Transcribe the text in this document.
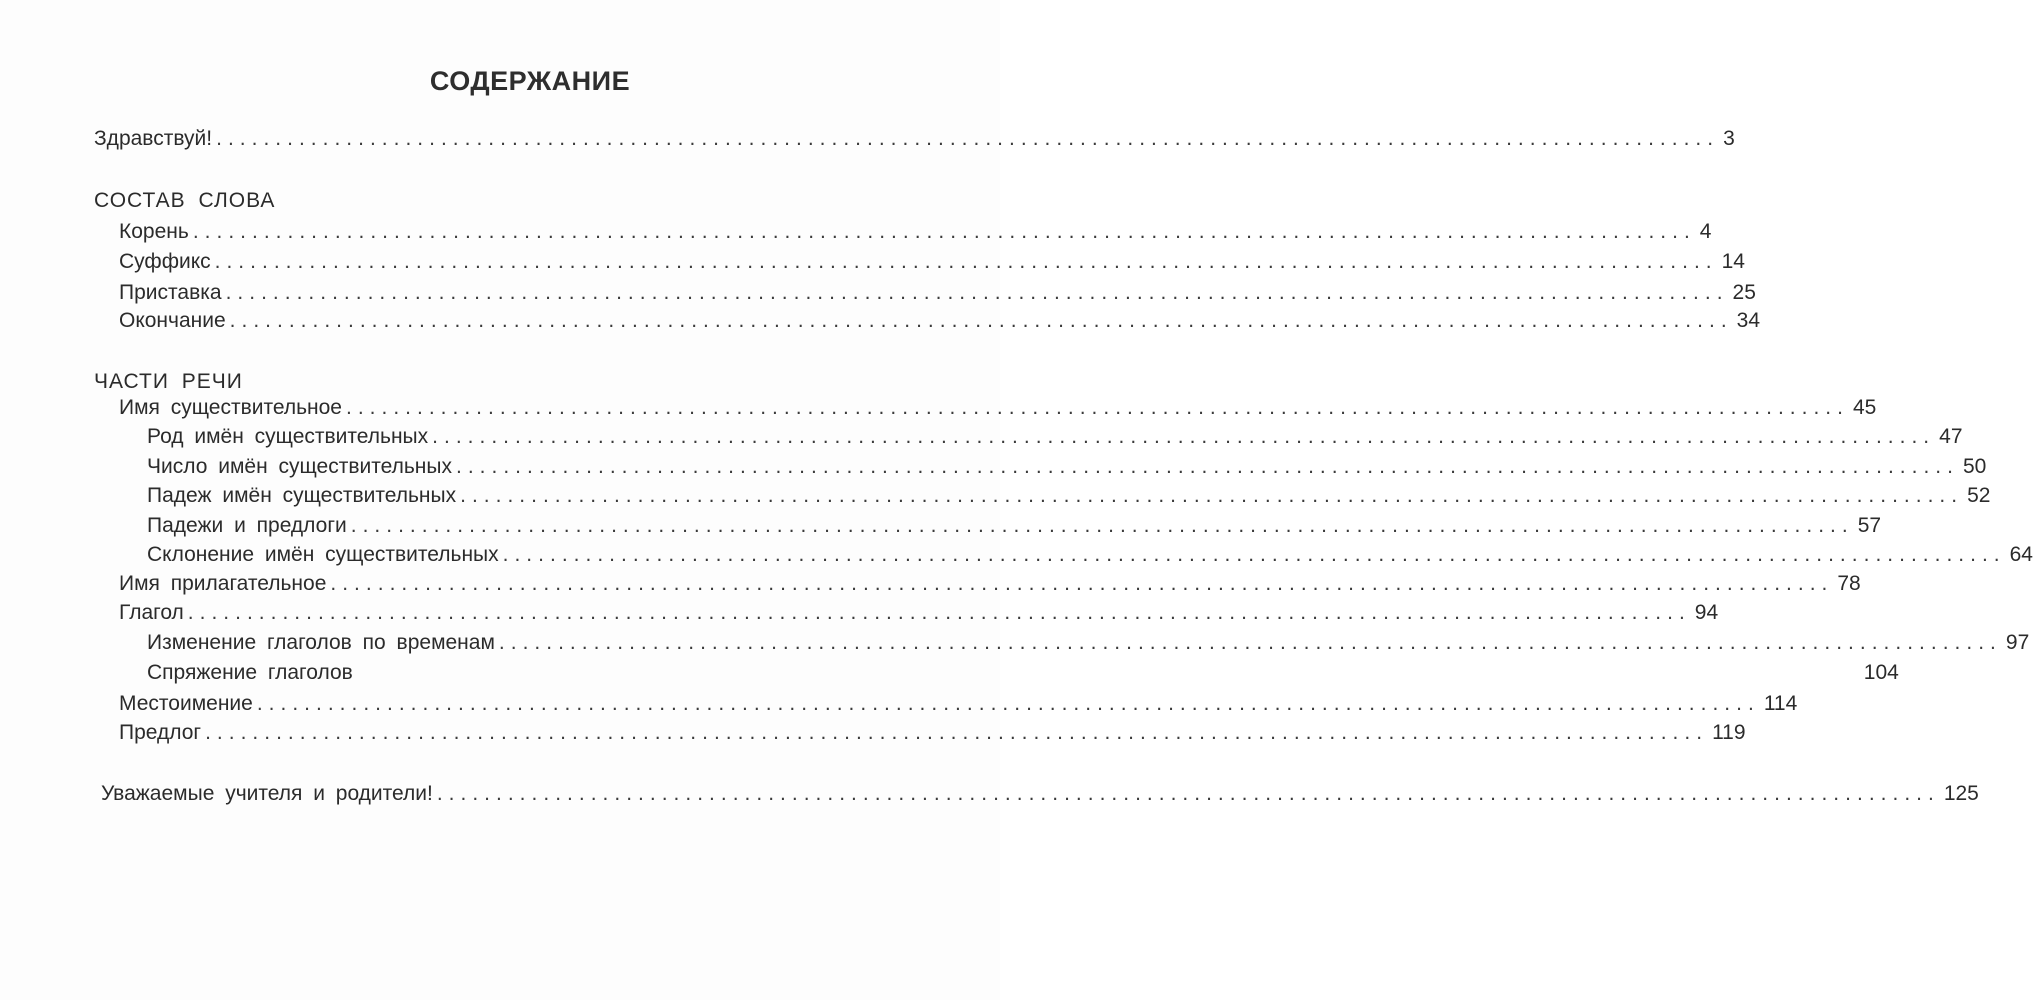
СОДЕРЖАНИЕ
Здравствуй! ............................................................................................................................... 3
СОСТАВ СЛОВА
Корень ............................................................................................................................... 4
Суффикс ............................................................................................................................... 14
Приставка ............................................................................................................................... 25
Окончание ............................................................................................................................... 34
ЧАСТИ РЕЧИ
Имя существительное ............................................................................................................................... 45
Род имён существительных ............................................................................................................................... 47
Число имён существительных ............................................................................................................................... 50
Падеж имён существительных ............................................................................................................................... 52
Падежи и предлоги ............................................................................................................................... 57
Склонение имён существительных ............................................................................................................................... 64
Имя прилагательное ............................................................................................................................... 78
Глагол ............................................................................................................................... 94
Изменение глаголов по временам ............................................................................................................................... 97
Спряжение глаголов	104
Местоимение ............................................................................................................................... 114
Предлог ............................................................................................................................... 119
Уважаемые учителя и родители! ............................................................................................................................... 125
